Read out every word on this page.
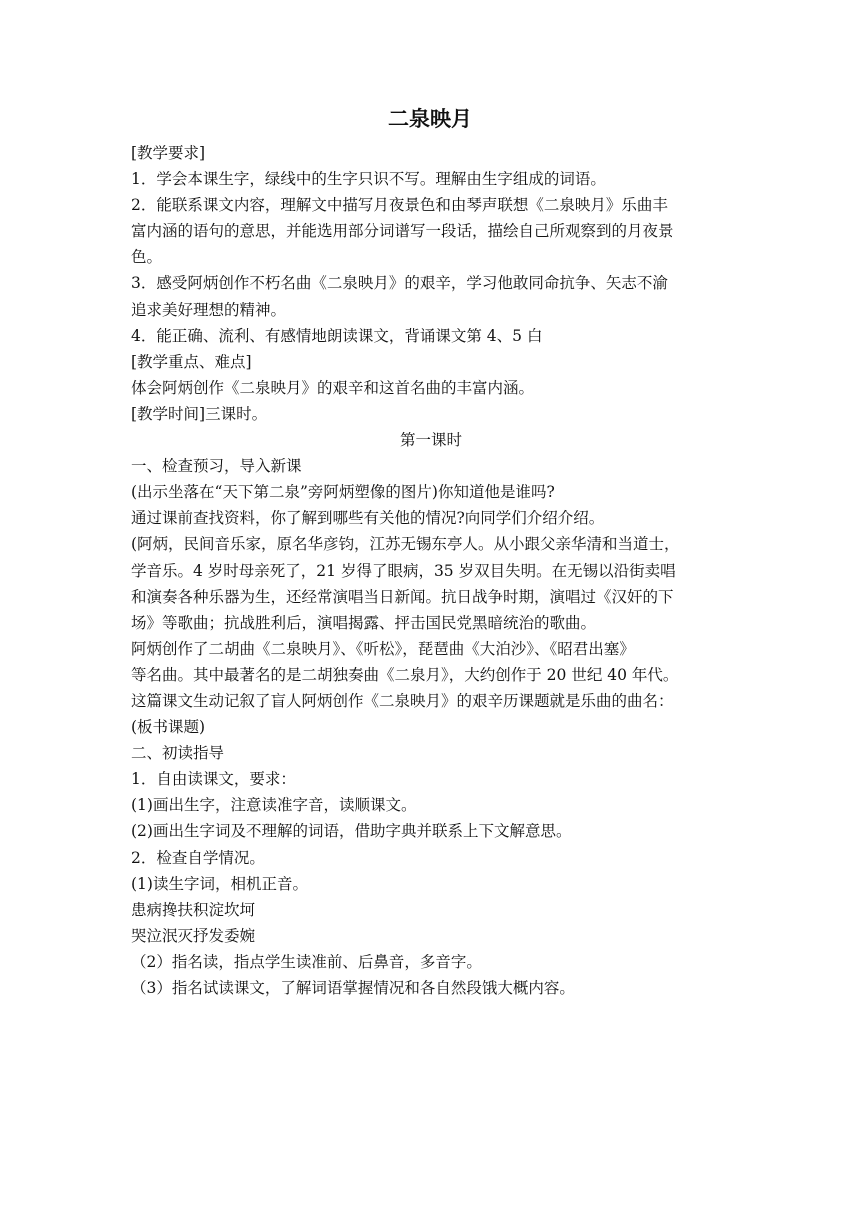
二泉映月

[教学要求]

1．学会本课生字，绿线中的生字只识不写。理解由生字组成的词语。

2．能联系课文内容，理解文中描写月夜景色和由琴声联想《二泉映月》乐曲丰

富内涵的语句的意思，并能选用部分词谱写一段话，描绘自己所观察到的月夜景

色。

3．感受阿炳创作不朽名曲《二泉映月》的艰辛，学习他敢同命抗争、矢志不渝

追求美好理想的精神。

4．能正确、流利、有感情地朗读课文，背诵课文第 4、5 白

[教学重点、难点]

体会阿炳创作《二泉映月》的艰辛和这首名曲的丰富内涵。

[教学时间]三课时。

第一课时

一、检查预习，导入新课

(出示坐落在“天下第二泉”旁阿炳塑像的图片)你知道他是谁吗?

通过课前查找资料，你了解到哪些有关他的情况?向同学们介绍介绍。

(阿炳，民间音乐家，原名华彦钧，江苏无锡东亭人。从小跟父亲华清和当道士，

学音乐。4 岁时母亲死了，21 岁得了眼病，35 岁双目失明。在无锡以沿街卖唱

和演奏各种乐器为生，还经常演唱当日新闻。抗日战争时期，演唱过《汉奸的下

场》等歌曲；抗战胜利后，演唱揭露、抨击国民党黑暗统治的歌曲。

阿炳创作了二胡曲《二泉映月》、《听松》，琵琶曲《大泊沙》、《昭君出塞》

等名曲。其中最著名的是二胡独奏曲《二泉月》，大约创作于 20 世纪 40 年代。

这篇课文生动记叙了盲人阿炳创作《二泉映月》的艰辛历课题就是乐曲的曲名：

(板书课题)

二、初读指导

1．自由读课文，要求：

(1)画出生字，注意读准字音，读顺课文。

(2)画出生字词及不理解的词语，借助字典并联系上下文解意思。

2．检查自学情况。

(1)读生字词，相机正音。

患病搀扶积淀坎坷

哭泣泯灭抒发委婉

（2）指名读，指点学生读准前、后鼻音，多音字。

（3）指名试读课文，了解词语掌握情况和各自然段饿大概内容。
